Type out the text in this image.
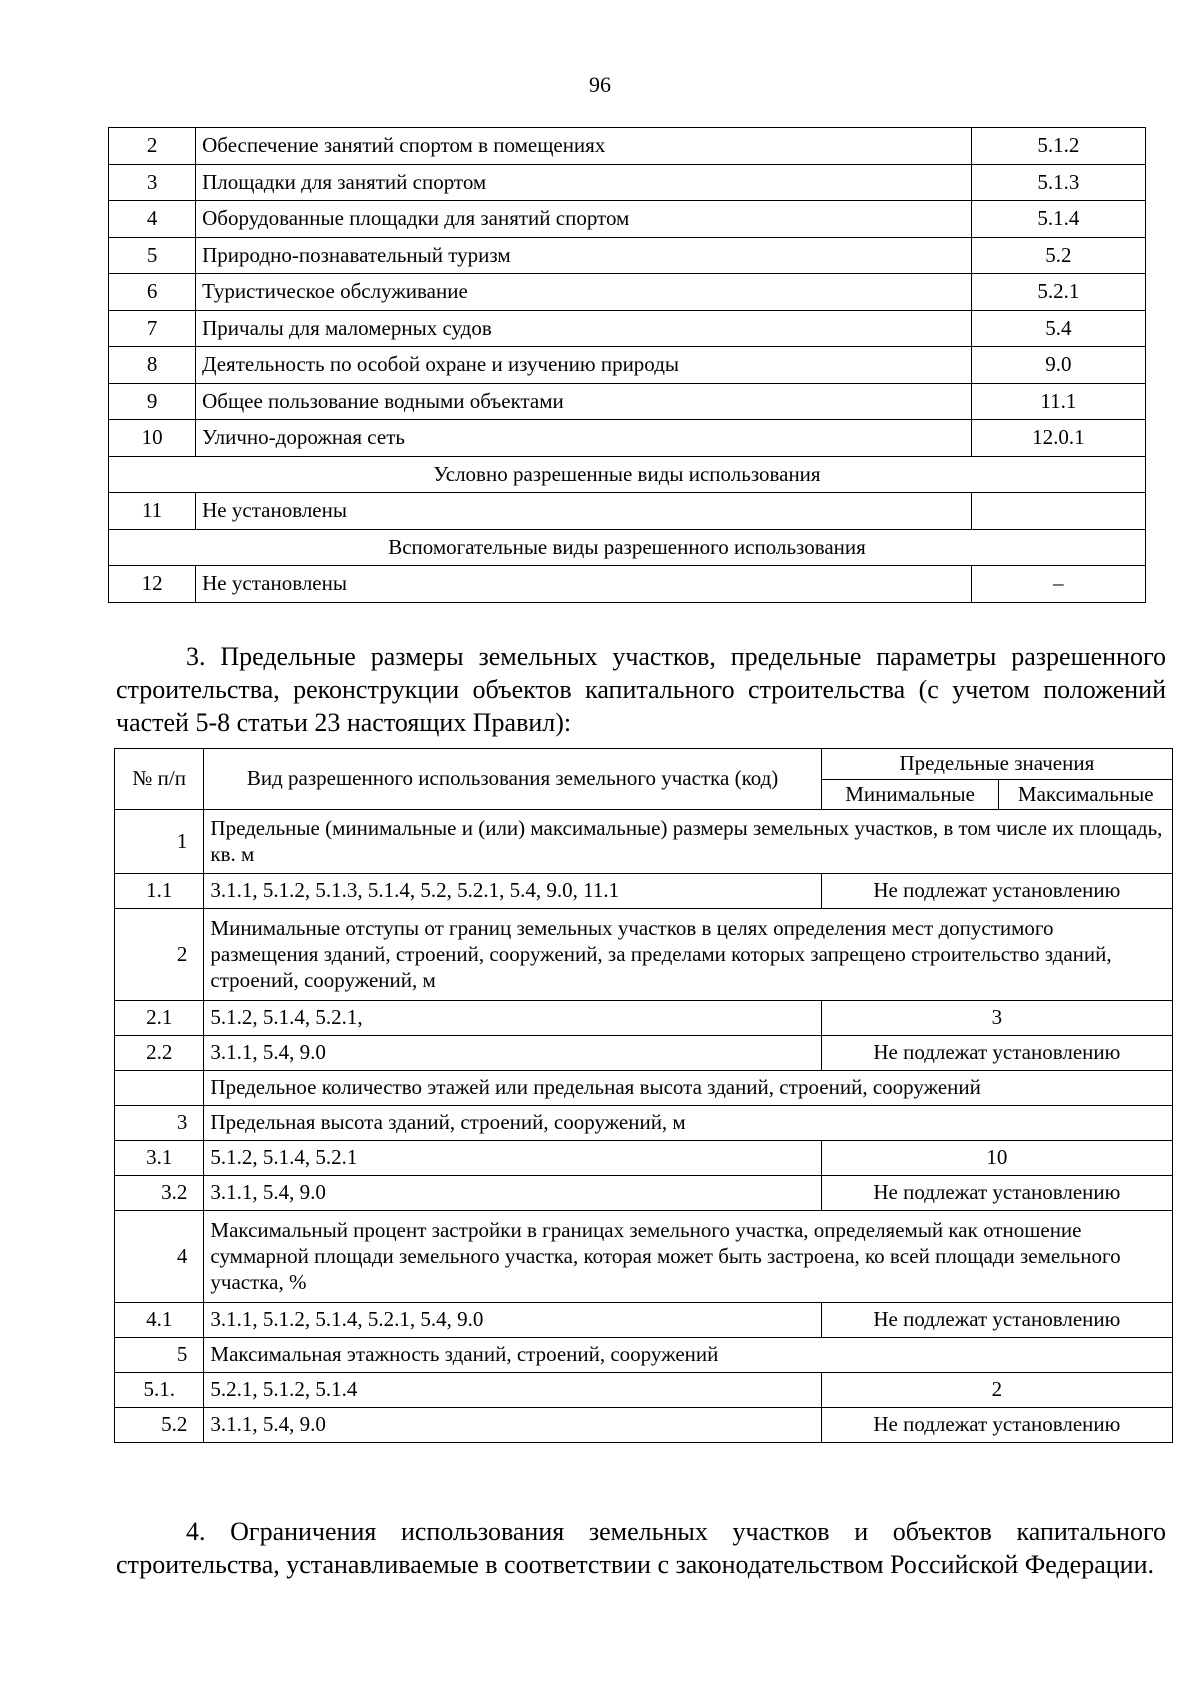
96
2	Обеспечение занятий спортом в помещениях	5.1.2
3	Площадки для занятий спортом	5.1.3
4	Оборудованные площадки для занятий спортом	5.1.4
5	Природно-познавательный туризм	5.2
6	Туристическое обслуживание	5.2.1
7	Причалы для маломерных судов	5.4
8	Деятельность по особой охране и изучению природы	9.0
9	Общее пользование водными объектами	11.1
10	Улично-дорожная сеть	12.0.1
Условно разрешенные виды использования		
11	Не установлены	
Вспомогательные виды разрешенного использования		
12	Не установлены	–
3. Предельные размеры земельных участков, предельные параметры разрешенного строительства, реконструкции объектов капитального строительства (с учетом положений частей 5-8 статьи 23 настоящих Правил):
№ п/п	Вид разрешенного использования земельного участка (код)	Предельные значения	
		Минимальные	Максимальные
1	Предельные (минимальные и (или) максимальные) размеры земельных участков, в том числе их площадь, кв. м		
1.1	3.1.1, 5.1.2, 5.1.3, 5.1.4, 5.2, 5.2.1, 5.4, 9.0, 11.1	Не подлежат установлению	
2	Минимальные отступы от границ земельных участков в целях определения мест допустимого размещения зданий, строений, сооружений, за пределами которых запрещено строительство зданий, строений, сооружений, м		
2.1	5.1.2, 5.1.4, 5.2.1,	3	
2.2	3.1.1, 5.4, 9.0	Не подлежат установлению	
	Предельное количество этажей или предельная высота зданий, строений, сооружений		
3	Предельная высота зданий, строений, сооружений, м		
3.1	5.1.2, 5.1.4, 5.2.1	10	
3.2	3.1.1, 5.4, 9.0	Не подлежат установлению	
4	Максимальный процент застройки в границах земельного участка, определяемый как отношение суммарной площади земельного участка, которая может быть застроена, ко всей площади земельного участка, %		
4.1	3.1.1, 5.1.2, 5.1.4, 5.2.1, 5.4, 9.0	Не подлежат установлению	
5	Максимальная этажность зданий, строений, сооружений		
5.1.	5.2.1, 5.1.2, 5.1.4	2	
5.2	3.1.1, 5.4, 9.0	Не подлежат установлению	
4. Ограничения использования земельных участков и объектов капитального строительства, устанавливаемые в соответствии с законодательством Российской Федерации.
